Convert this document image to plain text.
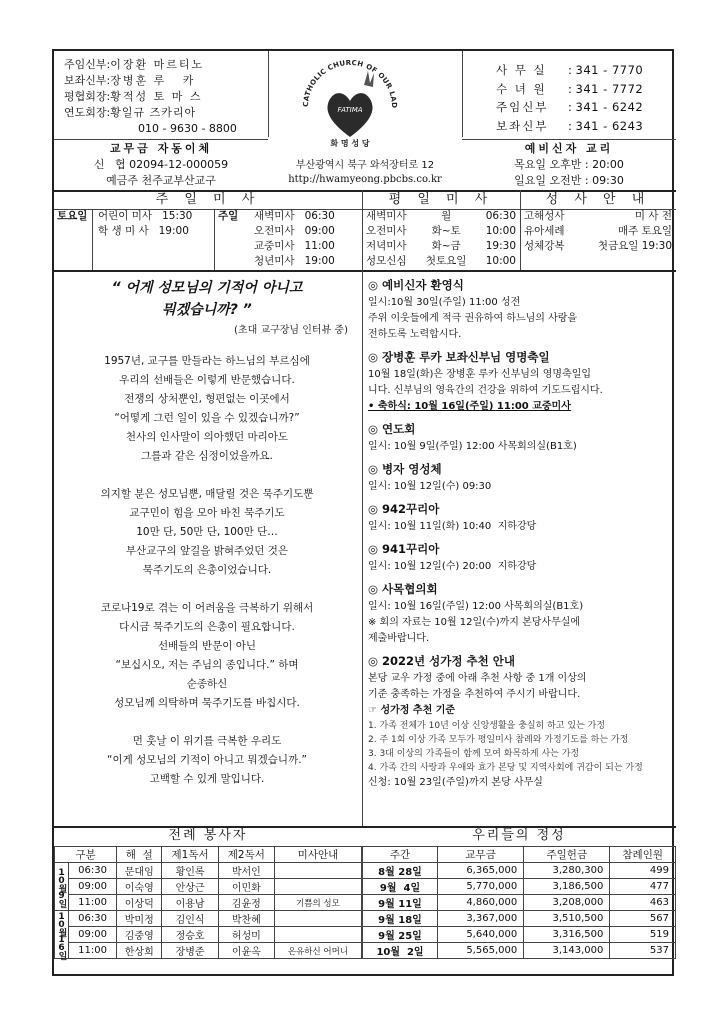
주임신부:이장환 마르티노
보좌신부:장병훈 루   카
평협회장:황적성 토 마 스
연도회장:황일규 즈카리아
010 - 9630 - 8800
CATHOLIC CHURCH OF OUR LAD
FATIMA
화 명 성 당
사 무 실	: 341 - 7770
수 녀 원	: 341 - 7772
주임신부	: 341 - 6242
보좌신부	: 341 - 6243
교무금 자동이체
신   협 02094-12-000059
예금주 천주교부산교구
부산광역시 북구 와석장터로 12
http://hwamyeong.pbcbs.co.kr
예비신자 교리
목요일 오후반 : 20:00
일요일 오전반 : 09:30
주 일 미 사	평 일 미 사	성 사 안 내
토요일 어린이 미사 15:30
학 생 미 사 19:00
주일 새벽미사 06:30
오전미사 09:00
교중미사 11:00
청년미사 19:00
새벽미사	월	06:30
오전미사 화~토 10:00
저녁미사 화~금 19:30
성모신심 첫토요일 10:00
고해성사	미 사 전
유아세례	매주 토요일
성체강복	첫금요일 19:30
“ 어게 성모님의 기적어 아니고
뭐겠습니까? ”
(초대 교구장님 인터뷰 중)
1957년, 교구를 만들라는 하느님의 부르심에
우리의 선배들은 이렇게 반문했습니다.
전쟁의 상처뿐인, 형편없는 이곳에서
“어떻게 그런 일이 있을 수 있겠습니까?”
천사의 인사말이 의아했던 마리아도
그를과 같은 심정이었을까요.
의지할 분은 성모님뿐, 매달릴 것은 묵주기도뿐
교구민이 힘을 모아 바친 묵주기도
10만 단, 50만 단, 100만 단…
부산교구의 앞길을 밝혀주었던 것은
묵주기도의 은총이었습니다.
코로나19로 겪는 이 어려움을 극복하기 위해서
다시금 묵주기도의 은총이 필요합니다.
선배들의 반문이 아닌
“보십시오, 저는 주님의 종입니다.” 하며
순종하신
성모님께 의탁하며 묵주기도를 바칩시다.
먼 훗날 이 위기를 극복한 우리도
“이게 성모님의 기적이 아니고 뭐겠습니까.”
고백할 수 있게 말입니다.
◎ 예비신자 환영식
일시:10월 30일(주일) 11:00 성전
주위 이웃들에게 적극 권유하여 하느님의 사랑을
전하도록 노력합시다.
◎ 장병훈 루카 보좌신부님 영명축일
10월 18일(화)은 장병훈 루카 신부님의 영명축일입
니다. 신부님의 영육간의 건강을 위하여 기도드립시다.
• 축하식: 10월 16일(주일) 11:00 교중미사
◎ 연도회
일시: 10월 9일(주일) 12:00 사목회의실(B1호)
◎ 병자 영성체
일시: 10월 12일(수) 09:30
◎ 942꾸리아
일시: 10월 11일(화) 10:40  지하강당
◎ 941꾸리아
일시: 10월 12일(수) 20:00  지하강당
◎ 사목협의회
일시: 10월 16일(주일) 12:00 사목회의실(B1호)
※ 회의 자료는 10월 12일(수)까지 본당사무실에
제출바랍니다.
◎ 2022년 성가정 추천 안내
본당 교우 가정 중에 아래 추천 사항 중 1개 이상의
기준 충족하는 가정을 추천하여 주시기 바랍니다.
☞ 성가정 추천 기준
1. 가족 전체가 10년 이상 신앙생활을 충실히 하고 있는 가정
2. 주 1회 이상 가족 모두가 평일미사 참례와 가정기도를 하는 가정
3. 3대 이상의 가족들이 함께 모여 화목하게 사는 가정
4. 가족 간의 사랑과 우애와 효가 본당 및 지역사회에 귀감이 되는 가정
신청: 10월 23일(주일)까지 본당 사무실
전례 봉사자	우리들의 정성
구분		해  설	제1독서	제2독서	미사안내
10월9일	06:30	문대임	황인록	박서인	
	09:00	이숙영	안상근	이민화	
	11:00	이상덕	이용남	김윤정	기쁨의 성모
10월16일	06:30	박미정	김인식	박찬혜	
	09:00	김중영	정승호	허성미	
	11:00	한상희	장병준	이윤옥	온유하신 어머니
주간	교무금	주일헌금	참례인원
8월 28일	6,365,000	3,280,300	499
9월  4일	5,770,000	3,186,500	477
9월 11일	4,860,000	3,208,000	463
9월 18일	3,367,000	3,510,500	567
9월 25일	5,640,000	3,316,500	519
10월  2일	5,565,000	3,143,000	537
